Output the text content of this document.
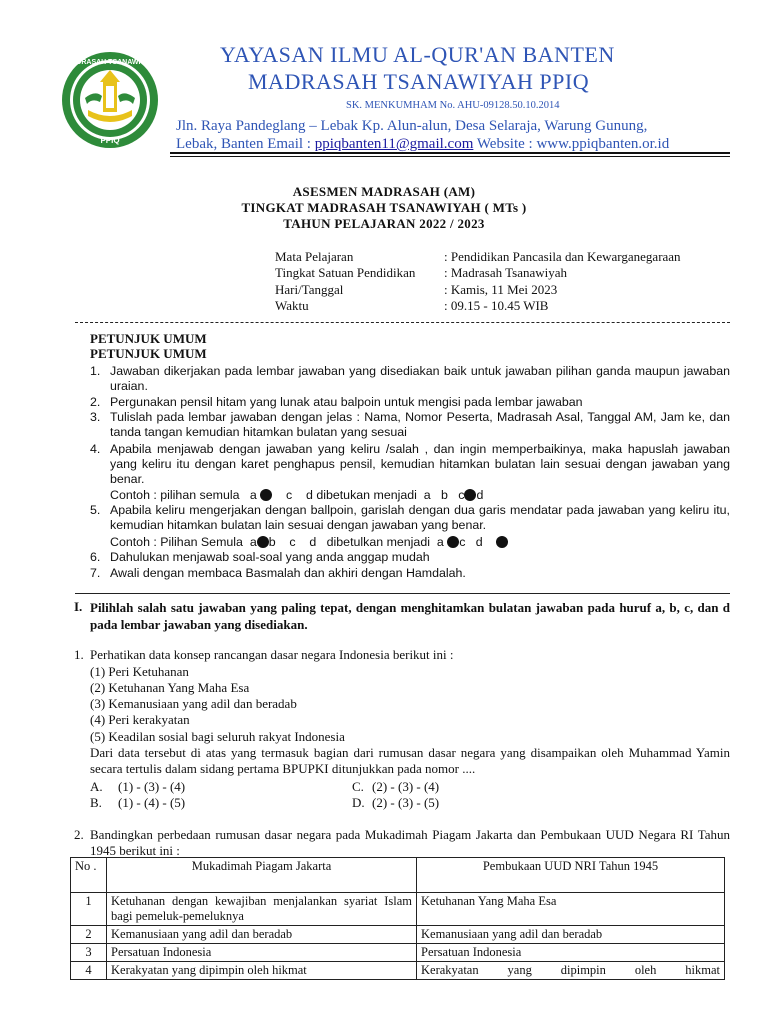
MADRASAH TSANAWIYAH
PPIQ
YAYASAN ILMU AL-QUR'AN BANTEN
MADRASAH TSANAWIYAH PPIQ
SK. MENKUMHAM No. AHU-09128.50.10.2014
Jln. Raya Pandeglang – Lebak Kp. Alun-alun, Desa Selaraja, Warung Gunung,
Lebak, Banten Email : ppiqbanten11@gmail.com Website : www.ppiqbanten.or.id
ASESMEN MADRASAH (AM)
TINGKAT MADRASAH TSANAWIYAH ( MTs )
TAHUN PELAJARAN 2022 / 2023
Mata Pelajaran	: Pendidikan Pancasila dan Kewarganegaraan
Tingkat Satuan Pendidikan : Madrasah Tsanawiyah
Hari/Tanggal	: Kamis, 11 Mei 2023
Waktu	: 09.15 - 10.45 WIB
PETUNJUK UMUM
PETUNJUK UMUM
1. Jawaban dikerjakan pada lembar jawaban yang disediakan baik untuk jawaban pilihan ganda maupun jawaban uraian.
2. Pergunakan pensil hitam yang lunak atau balpoin untuk mengisi pada lembar jawaban
3. Tulislah pada lembar jawaban dengan jelas : Nama, Nomor Peserta, Madrasah Asal, Tanggal AM, Jam ke, dan tanda tangan kemudian hitamkan bulatan yang sesuai
4. Apabila menjawab dengan jawaban yang keliru /salah , dan ingin memperbaikinya, maka hapuslah jawaban yang keliru itu dengan karet penghapus pensil, kemudian hitamkan bulatan lain sesuai dengan jawaban yang benar.
Contoh : pilihan semula a c d dibetukan menjadi a b c d
5. Apabila keliru mengerjakan dengan ballpoin, garislah dengan dua garis mendatar pada jawaban yang keliru itu, kemudian hitamkan bulatan lain sesuai dengan jawaban yang benar.
Contoh : Pilihan Semula a b c d dibetulkan menjadi a c d
6. Dahulukan menjawab soal-soal yang anda anggap mudah
7. Awali dengan membaca Basmalah dan akhiri dengan Hamdalah.
I. Pilihlah salah satu jawaban yang paling tepat, dengan menghitamkan bulatan jawaban pada huruf a, b, c, dan d pada lembar jawaban yang disediakan.
1. Perhatikan data konsep rancangan dasar negara Indonesia berikut ini :
(1) Peri Ketuhanan
(2) Ketuhanan Yang Maha Esa
(3) Kemanusiaan yang adil dan beradab
(4) Peri kerakyatan
(5) Keadilan sosial bagi seluruh rakyat Indonesia
Dari data tersebut di atas yang termasuk bagian dari rumusan dasar negara yang disampaikan oleh Muhammad Yamin secara tertulis dalam sidang pertama BPUPKI ditunjukkan pada nomor ....
A. (1) - (3) - (4)
B. (1) - (4) - (5)
C. (2) - (3) - (4)
D. (2) - (3) - (5)
2. Bandingkan perbedaan rumusan dasar negara pada Mukadimah Piagam Jakarta dan Pembukaan UUD Negara RI Tahun 1945 berikut ini :
No .	Mukadimah Piagam Jakarta	Pembukaan UUD NRI Tahun 1945
1	Ketuhanan dengan kewajiban menjalankan syariat Islam bagi pemeluk-pemeluknya	Ketuhanan Yang Maha Esa
2	Kemanusiaan yang adil dan beradab	Kemanusiaan yang adil dan beradab
3	Persatuan Indonesia	Persatuan Indonesia
4	Kerakyatan yang dipimpin oleh hikmat	Kerakyatan yang dipimpin oleh hikmat
